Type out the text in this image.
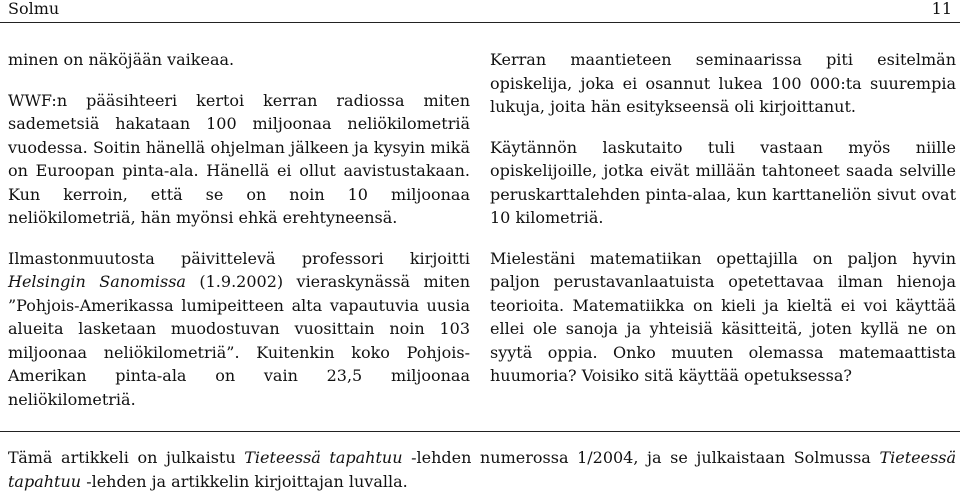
Solmu	11

minen on näköjään vaikeaa.

WWF:n pääsihteeri kertoi kerran radiossa miten sademetsiä hakataan 100 miljoonaa neliökilometriä vuodessa. Soitin hänellä ohjelman jälkeen ja kysyin mikä on Euroopan pinta-ala. Hänellä ei ollut aavistustakaan. Kun kerroin, että se on noin 10 miljoonaa neliökilometriä, hän myönsi ehkä erehtyneensä.

Ilmastonmuutosta päivittelevä professori kirjoitti Helsingin Sanomissa (1.9.2002) vieraskynässä miten ”Pohjois-Amerikassa lumipeitteen alta vapautuvia uusia alueita lasketaan muodostuvan vuosittain noin 103 miljoonaa neliökilometriä”. Kuitenkin koko Pohjois-Amerikan pinta-ala on vain 23,5 miljoonaa neliökilometriä.

Kerran maantieteen seminaarissa piti esitelmän opiskelija, joka ei osannut lukea 100 000:ta suurempia lukuja, joita hän esitykseensä oli kirjoittanut.

Käytännön laskutaito tuli vastaan myös niille opiskelijoille, jotka eivät millään tahtoneet saada selville peruskarttalehden pinta-alaa, kun karttaneliön sivut ovat 10 kilometriä.

Mielestäni matematiikan opettajilla on paljon hyvin paljon perustavanlaatuista opetettavaa ilman hienoja teorioita. Matematiikka on kieli ja kieltä ei voi käyttää ellei ole sanoja ja yhteisiä käsitteitä, joten kyllä ne on syytä oppia. Onko muuten olemassa matemaattista huumoria? Voisiko sitä käyttää opetuksessa?

Tämä artikkeli on julkaistu Tieteessä tapahtuu -lehden numerossa 1/2004, ja se julkaistaan Solmussa Tieteessä tapahtuu -lehden ja artikkelin kirjoittajan luvalla.
